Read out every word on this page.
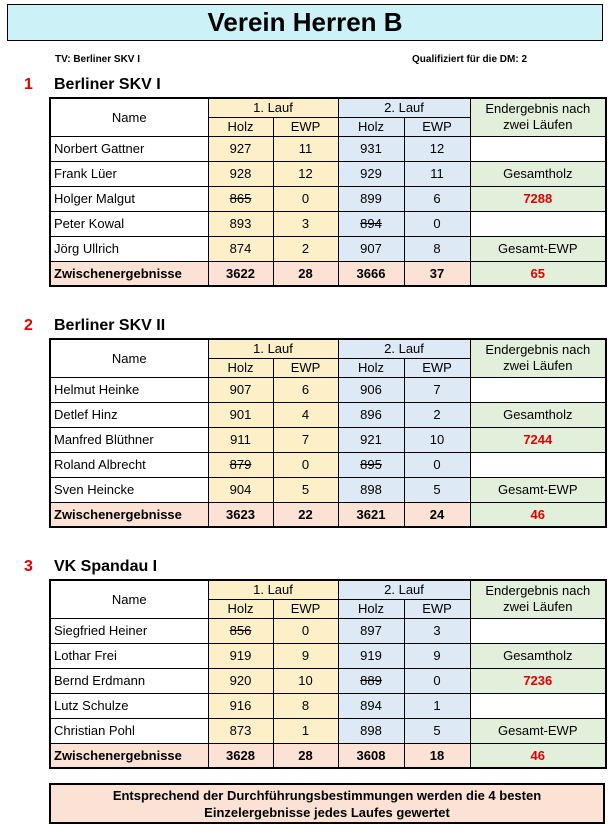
Verein Herren B
TV: Berliner SKV I	Qualifiziert für die DM: 2
1 Berliner SKV I
Name	1. Lauf		2. Lauf		Endergebnis nach
zwei Läufen

	Holz	EWP	Holz	EWP	
Norbert Gattner	927	11	931	12	
Frank Lüer	928	12	929	11	Gesamtholz
Holger Malgut	865	0	899	6	7288
Peter Kowal	893	3	894	0	
Jörg Ullrich	874	2	907	8	Gesamt-EWP
Zwischenergebnisse	3622	28	3666	37	65
2 Berliner SKV II
Name	1. Lauf		2. Lauf		Endergebnis nach
zwei Läufen

	Holz	EWP	Holz	EWP	
Helmut Heinke	907	6	906	7	
Detlef Hinz	901	4	896	2	Gesamtholz
Manfred Blüthner	911	7	921	10	7244
Roland Albrecht	879	0	895	0	
Sven Heincke	904	5	898	5	Gesamt-EWP
Zwischenergebnisse	3623	22	3621	24	46
3 VK Spandau I
Name	1. Lauf		2. Lauf		Endergebnis nach
zwei Läufen

	Holz	EWP	Holz	EWP	
Siegfried Heiner	856	0	897	3	
Lothar Frei	919	9	919	9	Gesamtholz
Bernd Erdmann	920	10	889	0	7236
Lutz Schulze	916	8	894	1	
Christian Pohl	873	1	898	5	Gesamt-EWP
Zwischenergebnisse	3628	28	3608	18	46
Entsprechend der Durchführungsbestimmungen werden die 4 besten
Einzelergebnisse jedes Laufes gewertet
